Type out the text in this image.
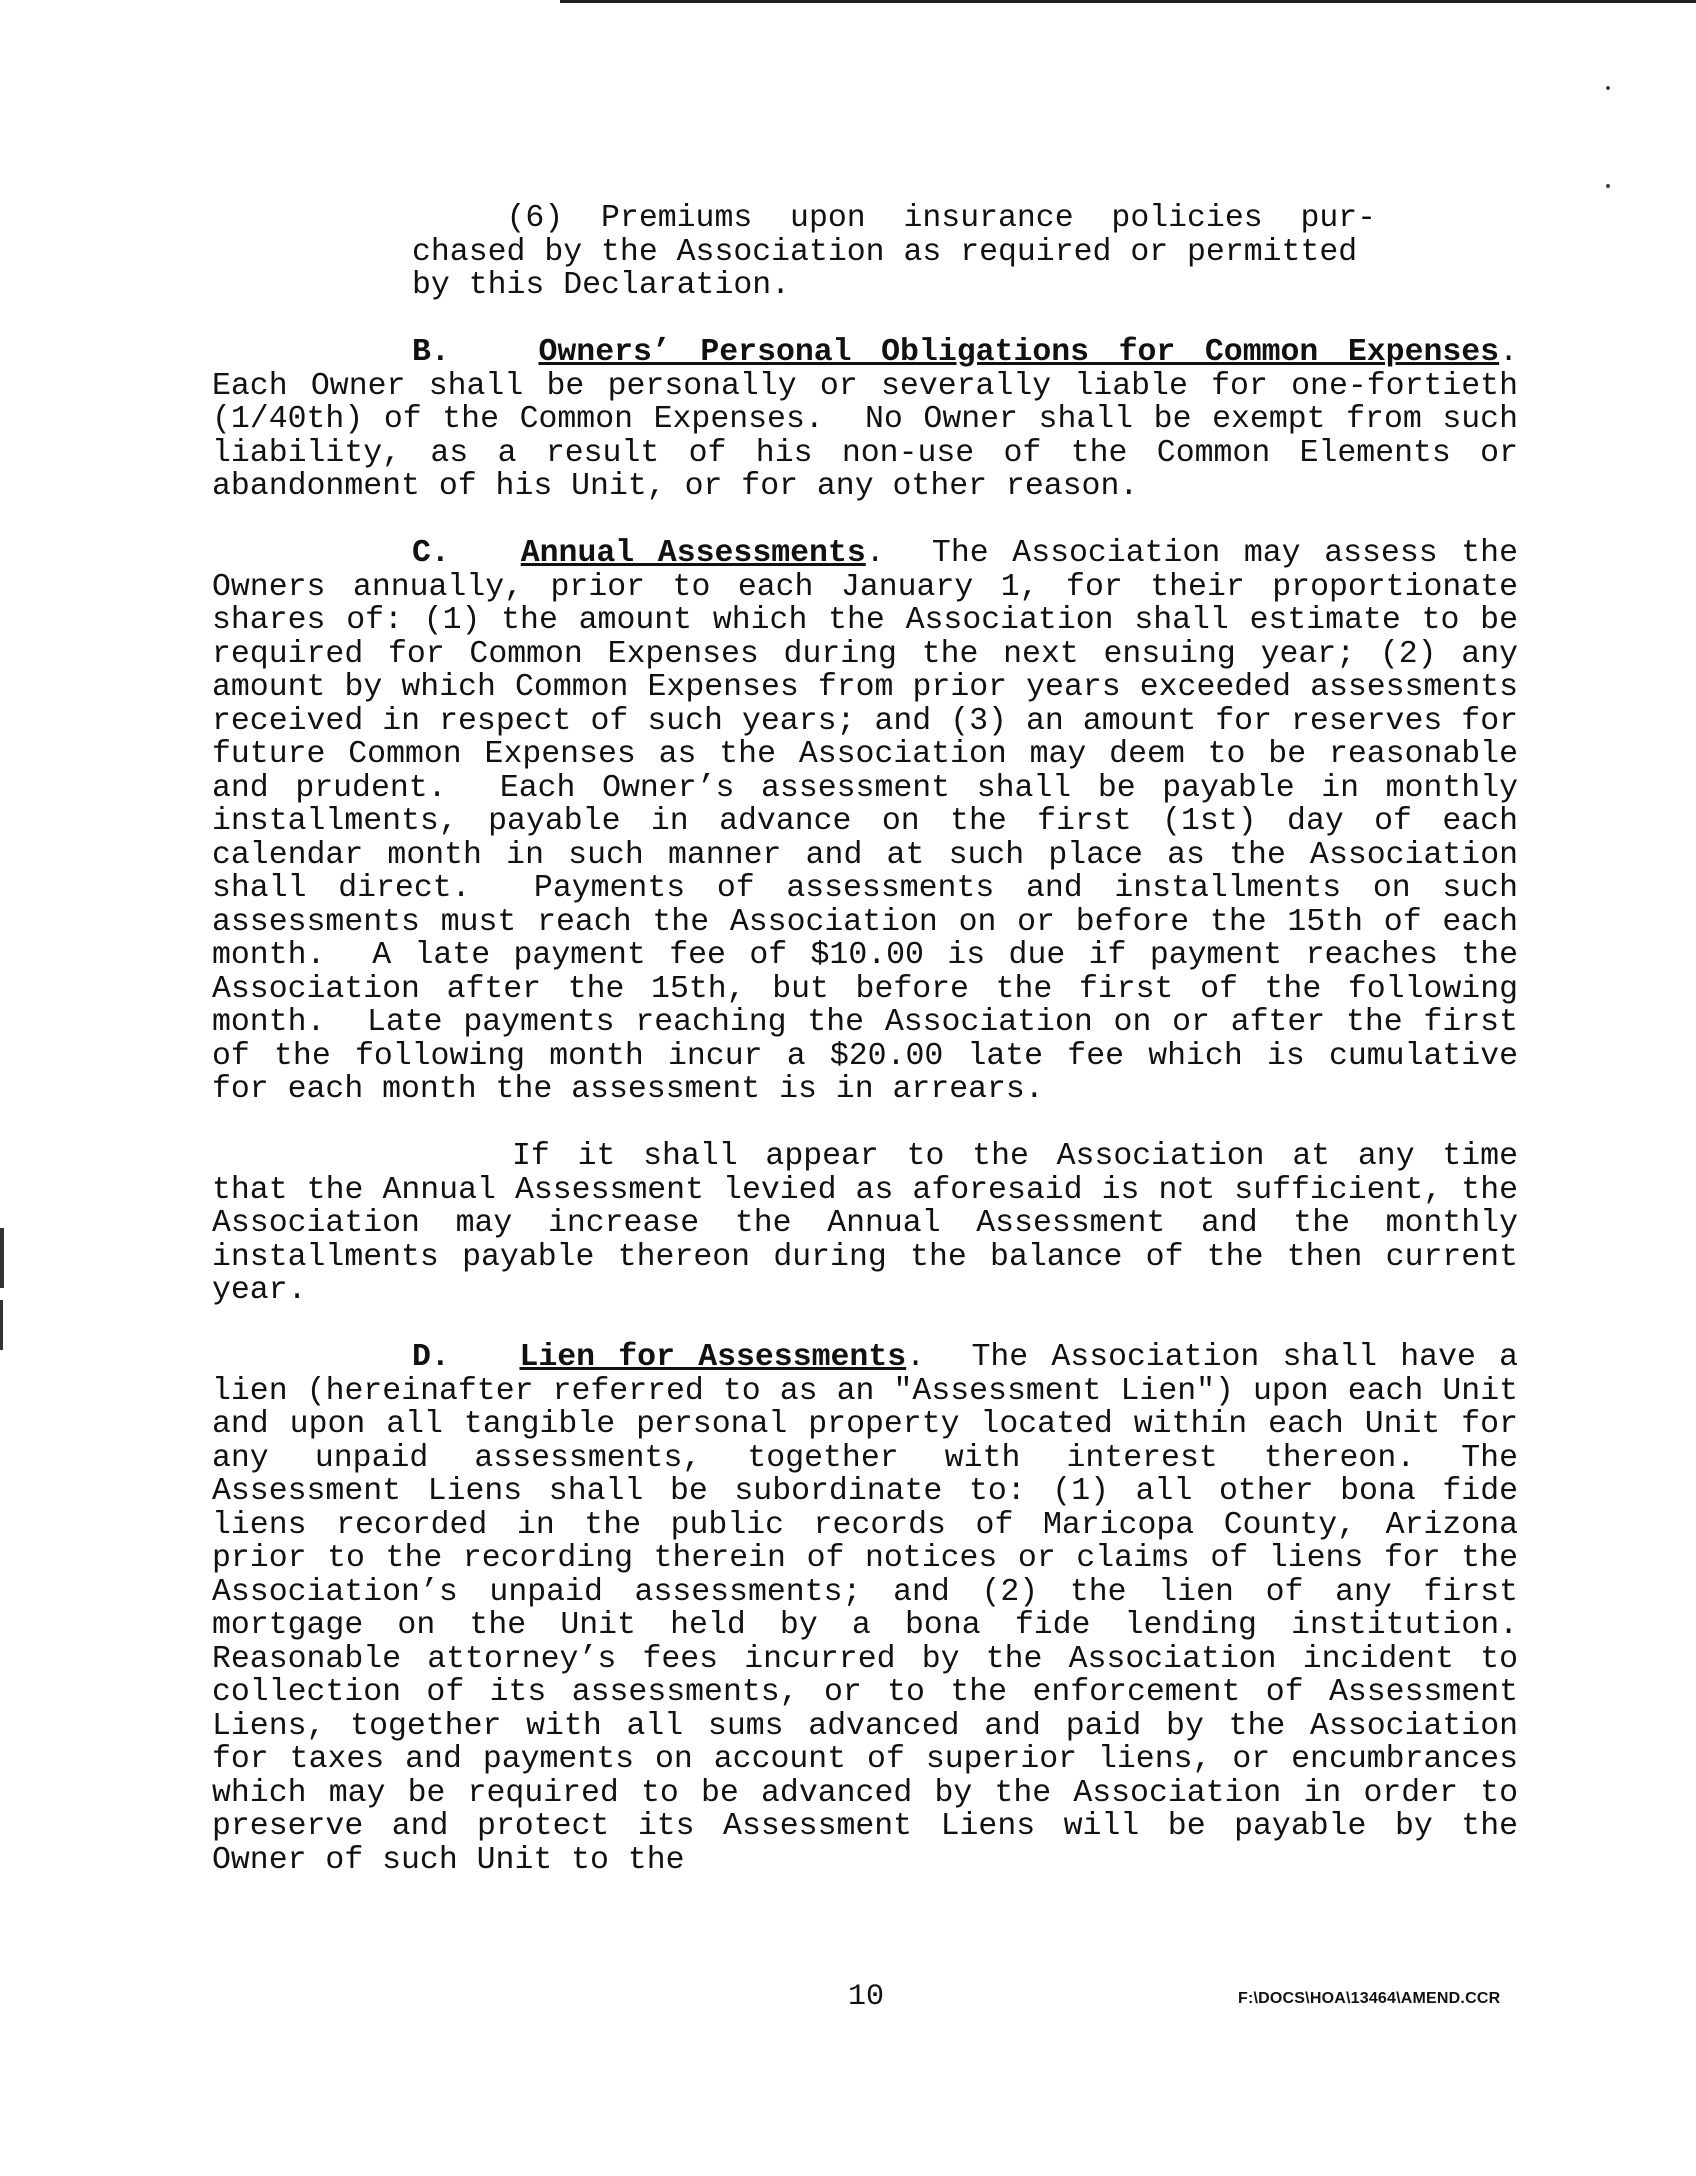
(6)  Premiums  upon  insurance  policies  pur-

chased by the Association as required or permitted

by this Declaration.

B.	Owners’ Personal Obligations for Common Expenses. Each Owner shall be personally or severally liable for one-fortieth (1/40th) of the Common Expenses.  No Owner shall be exempt from such liability, as a result of his non-use of the Common Elements or abandonment of his Unit, or for any other reason.

C. Annual Assessments.  The Association may assess the Owners annually, prior to each January 1, for their proportionate shares of: (1) the amount which the Association shall estimate to be required for Common Expenses during the next ensuing year; (2) any amount by which Common Expenses from prior years exceeded assessments received in respect of such years; and (3) an amount for reserves for future Common Expenses as the Association may deem to be reasonable and prudent.  Each Owner’s assessment shall be payable in monthly installments, payable in advance on the first (1st) day of each calendar month in such manner and at such place as the Association shall direct.  Payments of assessments and installments on such assessments must reach the Association on or before the 15th of each month.  A late payment fee of $10.00 is due if payment reaches the Association after the 15th, but before the first of the following month.  Late payments reaching the Association on or after the first of the following month incur a $20.00 late fee which is cumulative for each month the assessment is in arrears.

If it shall appear to the Association at any time that the Annual Assessment levied as aforesaid is not sufficient, the Association may increase the Annual Assessment and the monthly installments payable thereon during the balance of the then current year.

D. Lien for Assessments.  The Association shall have a lien (hereinafter referred to as an "Assessment Lien") upon each Unit and upon all tangible personal property located within each Unit for any unpaid assessments, together with interest thereon. The Assessment Liens shall be subordinate to: (1) all other bona fide liens recorded in the public records of Maricopa County, Arizona prior to the recording therein of notices or claims of liens for the Association’s unpaid assessments; and (2) the lien of any first mortgage on the Unit held by a bona fide lending institution.  Reasonable attorney’s fees incurred by the Association incident to collection of its assessments, or to the enforcement of Assessment Liens, together with all sums advanced and paid by the Association for taxes and payments on account of superior liens, or encumbrances which may be required to be advanced by the Association in order to preserve and protect its Assessment Liens will be payable by the Owner of such Unit to the

10	F:\DOCS\HOA\13464\AMEND.CCR
